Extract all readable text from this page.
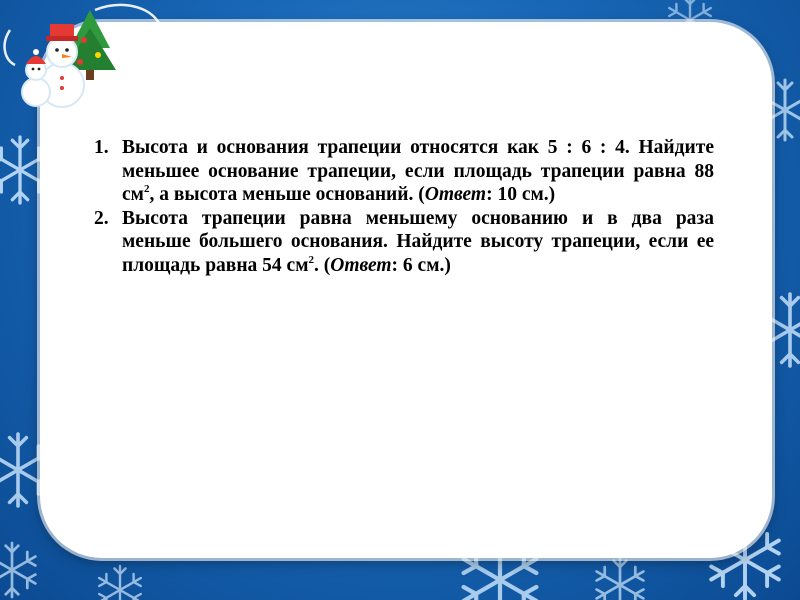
1. Высота и основания трапеции относятся как 5 : 6 : 4. Найдите меньшее основание трапеции, если площадь трапеции равна 88 $см^2$, а высота меньше оснований. (Ответ: 10 см.)
2. Высота трапеции равна меньшему основанию и в два раза меньше большего основания. Найдите высоту трапеции, если ее площадь равна 54 $см^2$. (Ответ: 6 см.)
